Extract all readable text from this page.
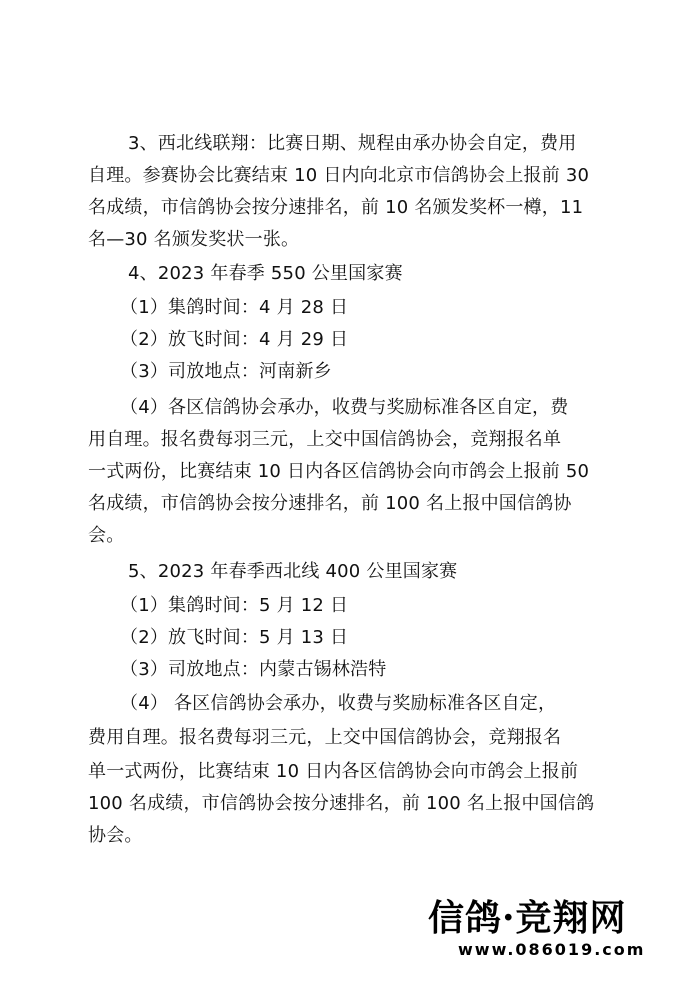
3、西北线联翔：比赛日期、规程由承办协会自定，费用
自理。参赛协会比赛结束 10 日内向北京市信鸽协会上报前 30
名成绩，市信鸽协会按分速排名，前 10 名颁发奖杯一樽，11
名—30 名颁发奖状一张。
4、2023 年春季 550 公里国家赛
（1）集鸽时间：4 月 28 日
（2）放飞时间：4 月 29 日
（3）司放地点：河南新乡
（4）各区信鸽协会承办，收费与奖励标准各区自定，费
用自理。报名费每羽三元，上交中国信鸽协会，竞翔报名单
一式两份，比赛结束 10 日内各区信鸽协会向市鸽会上报前 50
名成绩，市信鸽协会按分速排名，前 100 名上报中国信鸽协
会。
5、2023 年春季西北线 400 公里国家赛
（1）集鸽时间：5 月 12 日
（2）放飞时间：5 月 13 日
（3）司放地点：内蒙古锡林浩特
（4） 各区信鸽协会承办，收费与奖励标准各区自定，
费用自理。报名费每羽三元，上交中国信鸽协会，竞翔报名
单一式两份，比赛结束 10 日内各区信鸽协会向市鸽会上报前
100 名成绩，市信鸽协会按分速排名，前 100 名上报中国信鸽
协会。
信鸽·竞翔网
www.086019.com
